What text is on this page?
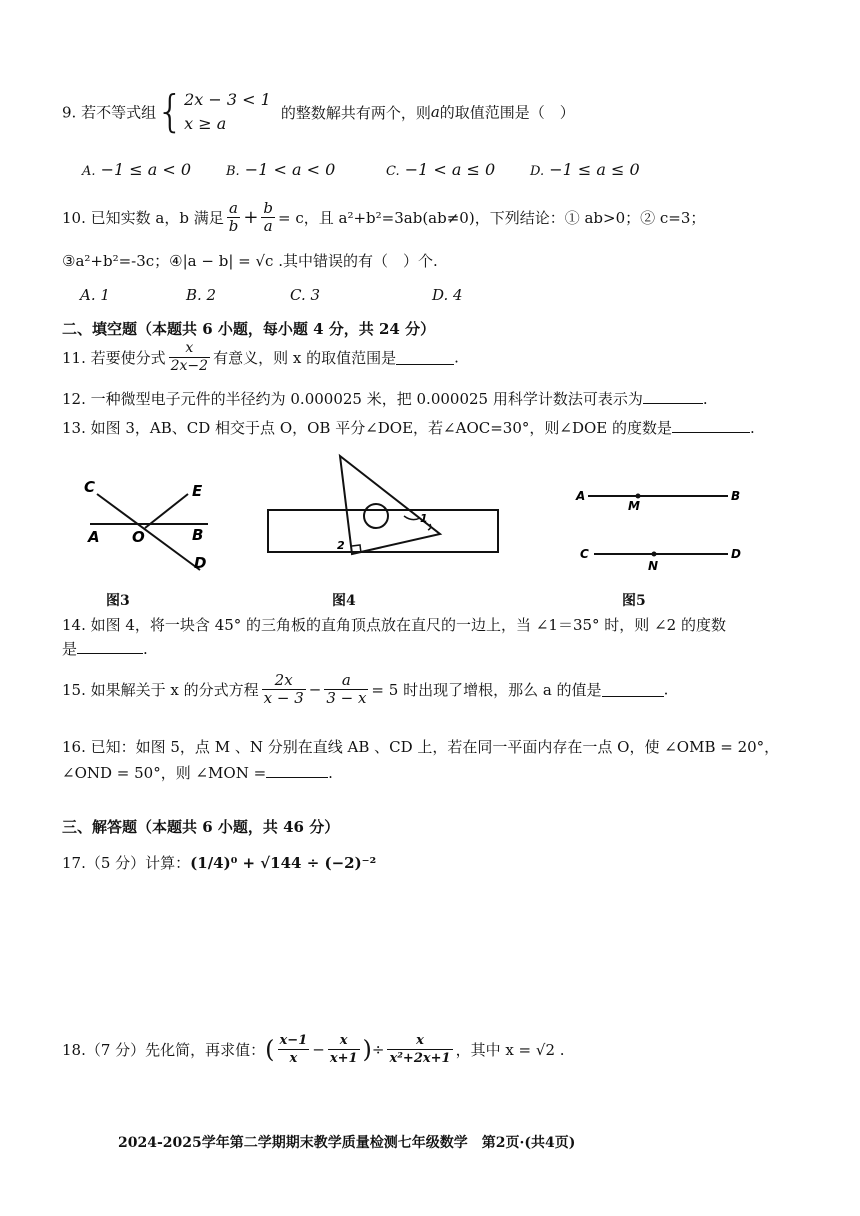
9. 若不等式组{2x − 3 < 1
x ≥ a的整数解共有两个，则a的取值范围是（　）
A. −1 ≤ a < 0	B. −1 < a < 0	C. −1 < a ≤ 0	D. −1 ≤ a ≤ 0
10. 已知实数 a，b 满足 $\frac{a}{b} + \frac{b}{a} = c$，且 a²+b²=3ab(ab≠0)，下列结论：① ab>0；② c=3；
③a²+b²=-3c；④|a − b| = √c .其中错误的有（　）个.
A. 1	B. 2	C. 3	D. 4
二、填空题（本题共 6 小题，每小题 4 分，共 24 分）
11. 若要使分式 $\frac{x}{2x-2}$ 有意义，则 x 的取值范围是	.
12. 一种微型电子元件的半径约为 0.000025 米，把 0.000025 用科学计数法可表示为	.
13. 如图 3，AB、CD 相交于点 O，OB 平分∠DOE，若∠AOC=30°，则∠DOE 的度数是	.
C	E
A O	B
D
1
2
A
M
B
C
N
D
图3	图4	图5
14. 如图 4，将一块含 45° 的三角板的直角顶点放在直尺的一边上，当 ∠1＝35° 时，则 ∠2 的度数
是	.
15. 如果解关于 x 的分式方程 $\frac{2x}{x - 3} - \frac{a}{3 - x} = 5$ 时出现了增根，那么 a 的值是	.
16. 已知：如图 5，点 M 、N 分别在直线 AB 、CD 上，若在同一平面内存在一点 O，使 ∠OMB = 20°，
∠OND = 50°，则 ∠MON =	.
三、解答题（本题共 6 小题，共 46 分）
17.（5 分）计算：(1/4)⁰ + √144 ÷ (−2)⁻²
18.（7 分）先化简，再求值：( $\frac{x-1}{x} - \frac{x}{x+1}$ )÷ $\frac{x}{\text{x²+2x+1}}$ ，其中 x = √2 .
2024-2025学年第二学期期末教学质量检测七年级数学　第2页·(共4页)
